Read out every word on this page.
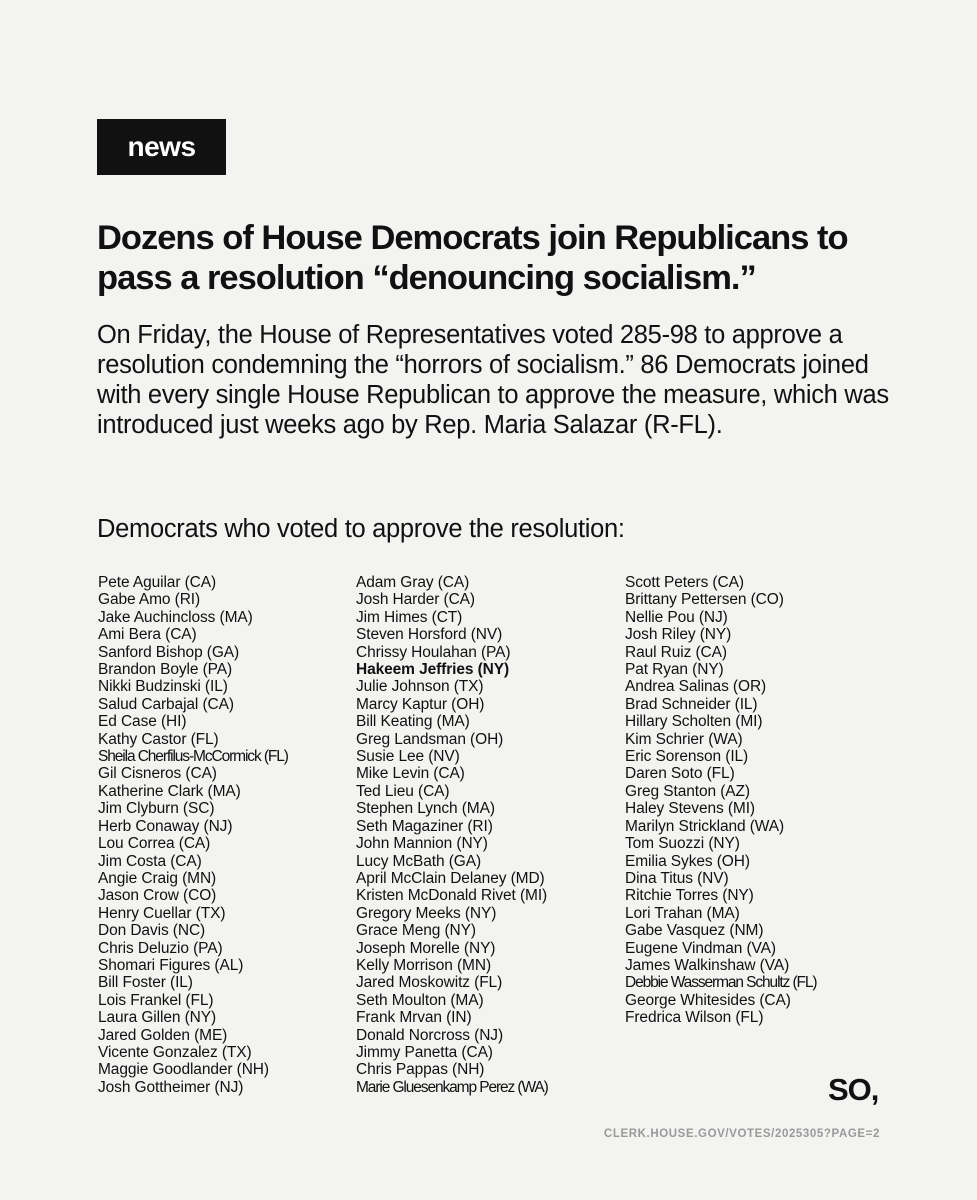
news
Dozens of House Democrats join Republicans to pass a resolution “denouncing socialism.”

On Friday, the House of Representatives voted 285-98 to approve a resolution condemning the “horrors of socialism.” 86 Democrats joined with every single House Republican to approve the measure, which was introduced just weeks ago by Rep. Maria Salazar (R-FL).

Democrats who voted to approve the resolution:

Pete Aguilar (CA)
Gabe Amo (RI)
Jake Auchincloss (MA)
Ami Bera (CA)
Sanford Bishop (GA)
Brandon Boyle (PA)
Nikki Budzinski (IL)
Salud Carbajal (CA)
Ed Case (HI)
Kathy Castor (FL)
Sheila Cherfilus-McCormick (FL)
Gil Cisneros (CA)
Katherine Clark (MA)
Jim Clyburn (SC)
Herb Conaway (NJ)
Lou Correa (CA)
Jim Costa (CA)
Angie Craig (MN)
Jason Crow (CO)
Henry Cuellar (TX)
Don Davis (NC)
Chris Deluzio (PA)
Shomari Figures (AL)
Bill Foster (IL)
Lois Frankel (FL)
Laura Gillen (NY)
Jared Golden (ME)
Vicente Gonzalez (TX)
Maggie Goodlander (NH)
Josh Gottheimer (NJ)
Adam Gray (CA)
Josh Harder (CA)
Jim Himes (CT)
Steven Horsford (NV)
Chrissy Houlahan (PA)
Hakeem Jeffries (NY)
Julie Johnson (TX)
Marcy Kaptur (OH)
Bill Keating (MA)
Greg Landsman (OH)
Susie Lee (NV)
Mike Levin (CA)
Ted Lieu (CA)
Stephen Lynch (MA)
Seth Magaziner (RI)
John Mannion (NY)
Lucy McBath (GA)
April McClain Delaney (MD)
Kristen McDonald Rivet (MI)
Gregory Meeks (NY)
Grace Meng (NY)
Joseph Morelle (NY)
Kelly Morrison (MN)
Jared Moskowitz (FL)
Seth Moulton (MA)
Frank Mrvan (IN)
Donald Norcross (NJ)
Jimmy Panetta (CA)
Chris Pappas (NH)
Marie Gluesenkamp Perez (WA)
Scott Peters (CA)
Brittany Pettersen (CO)
Nellie Pou (NJ)
Josh Riley (NY)
Raul Ruiz (CA)
Pat Ryan (NY)
Andrea Salinas (OR)
Brad Schneider (IL)
Hillary Scholten (MI)
Kim Schrier (WA)
Eric Sorenson (IL)
Daren Soto (FL)
Greg Stanton (AZ)
Haley Stevens (MI)
Marilyn Strickland (WA)
Tom Suozzi (NY)
Emilia Sykes (OH)
Dina Titus (NV)
Ritchie Torres (NY)
Lori Trahan (MA)
Gabe Vasquez (NM)
Eugene Vindman (VA)
James Walkinshaw (VA)
Debbie Wasserman Schultz (FL)
George Whitesides (CA)
Fredrica Wilson (FL)
SO,
CLERK.HOUSE.GOV/VOTES/2025305?PAGE=2
